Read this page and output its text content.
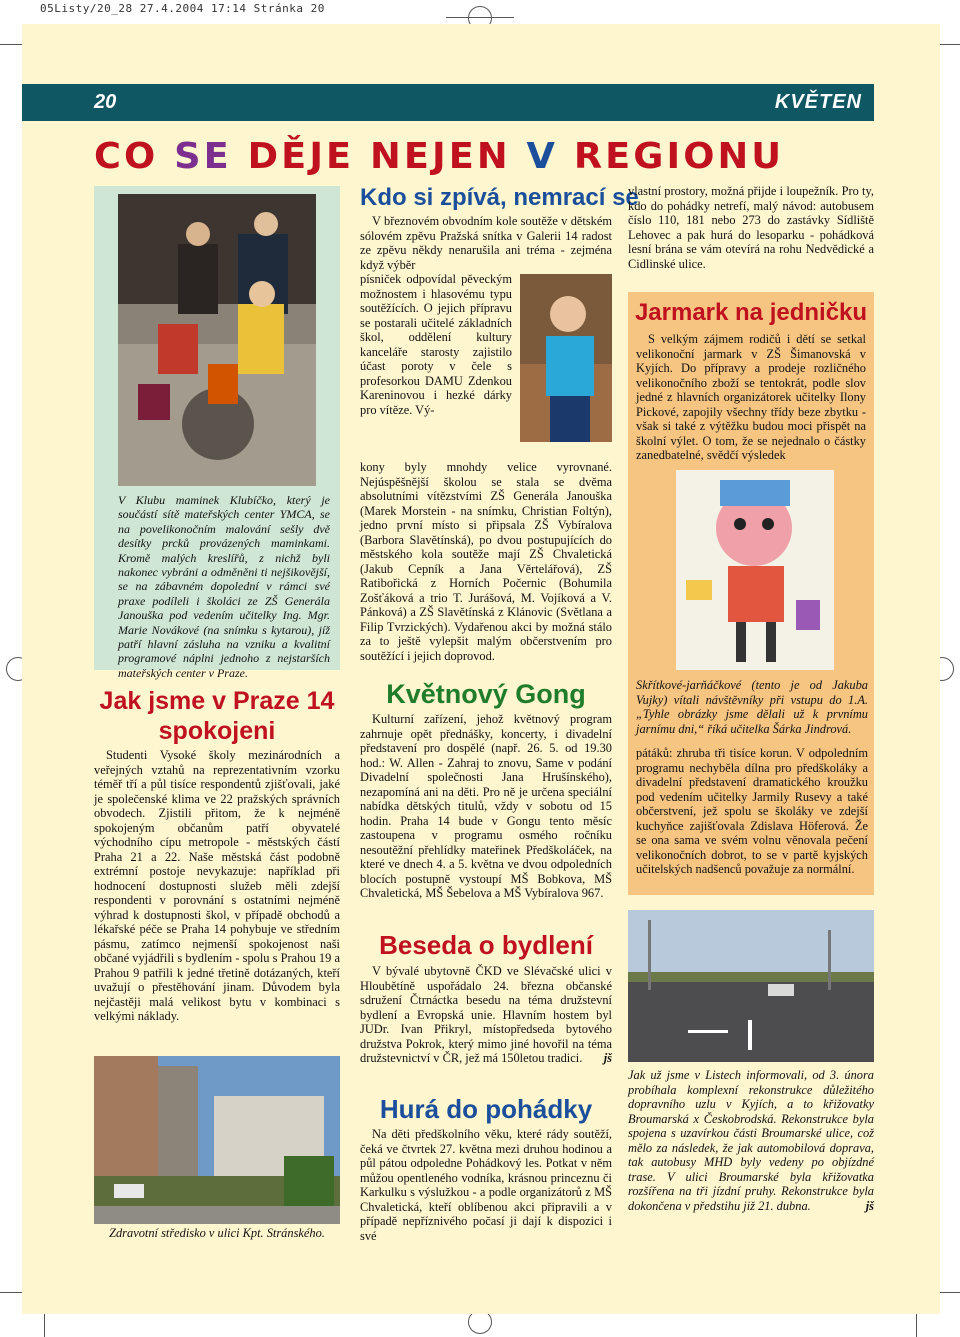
05Listy/20_28 27.4.2004 17:14 Stránka 20
20	KVĚTEN
CO SE DĚJE NEJEN V REGIONU
V Klubu maminek Klubíčko, který je součástí sítě mateřských center YMCA, se na povelikonočním malování sešly dvě desítky prcků provázených maminkami. Kromě malých kreslířů, z nichž byli nakonec vybráni a odměněni ti nejšikovější, se na zábavném dopolední v rámci své praxe podíleli i školáci ze ZŠ Generála Janouška pod vedením učitelky Ing. Mgr. Marie Novákové (na snímku s kytarou), jíž patří hlavní zásluha na vzniku a kvalitní programové náplni jednoho z nejstarších mateřských center v Praze.
Jak jsme v Praze 14 spokojeni

Studenti Vysoké školy mezinárodních a veřejných vztahů na reprezentativním vzorku téměř tří a půl tisíce respondentů zjišťovali, jaké je společenské klima ve 22 pražských správních obvodech. Zjistili přitom, že k nejméně spokojeným občanům patří obyvatelé východního cípu metropole - městských částí Praha 21 a 22. Naše městská část podobně extrémní postoje nevykazuje: například při hodnocení dostupnosti služeb měli zdejší respondenti v porovnání s ostatními nejméně výhrad k dostupnosti škol, v případě obchodů a lékařské péče se Praha 14 pohybuje ve středním pásmu, zatímco nejmenší spokojenost naši občané vyjádřili s bydlením - spolu s Prahou 19 a Prahou 9 patřili k jedné třetině dotázaných, kteří uvažují o přestěhování jinam. Důvodem byla nejčastěji malá velikost bytu v kombinaci s velkými náklady.

Zdravotní středisko v ulici Kpt. Stránského.
Kdo si zpívá, nemrací se

V březnovém obvodním kole soutěže v dětském sólovém zpěvu Pražská snítka v Galerii 14 radost ze zpěvu někdy nenarušila ani tréma - zejména když výběr

písniček odpovídal pěveckým možnostem i hlasovému typu soutěžících. O jejich přípravu se postarali učitelé základních škol, oddělení kultury kanceláře starosty zajistilo účast poroty v čele s profesorkou DAMU Zdenkou Kareninovou i hezké dárky pro vítěze. Vý-
kony byly mnohdy velice vyrovnané. Nejúspěšnější školou se stala se dvěma absolutními vítězstvími ZŠ Generála Janouška (Marek Morstein - na snímku, Christian Foltýn), jedno první místo si připsala ZŠ Vybíralova (Barbora Slavětínská), po dvou postupujících do městského kola soutěže mají ZŠ Chvaletická (Jakub Cepník a Jana Věrtelářová), ZŠ Ratibořická z Horních Počernic (Bohumila Zošťáková a trio T. Jurášová, M. Vojíková a V. Pánková) a ZŠ Slavětínská z Klánovic (Světlana a Filip Tvrzických). Vydařenou akci by možná stálo za to ještě vylepšit malým občerstvením pro soutěžící i jejich doprovod.
Květnový Gong

Kulturní zařízení, jehož květnový program zahrnuje opět přednášky, koncerty, i divadelní představení pro dospělé (např. 26. 5. od 19.30 hod.: W. Allen - Zahraj to znovu, Same v podání Divadelní společnosti Jana Hrušínského), nezapomíná ani na děti. Pro ně je určena speciální nabídka dětských titulů, vždy v sobotu od 15 hodin. Praha 14 bude v Gongu tento měsíc zastoupena v programu osmého ročníku nesoutěžní přehlídky mateřinek Předškoláček, na které ve dnech 4. a 5. května ve dvou odpoledních blocích postupně vystoupí MŠ Bobkova, MŠ Chvaletická, MŠ Šebelova a MŠ Vybíralova 967.

Beseda o bydlení

V bývalé ubytovně ČKD ve Slévačské ulici v Hloubětíně uspořádalo 24. března občanské sdružení Čtrnáctka besedu na téma družstevní bydlení a Evropská unie. Hlavním hostem byl JUDr. Ivan Přikryl, místopředseda bytového družstva Pokrok, který mimo jiné hovořil na téma družstevnictví v ČR, jež má 150letou tradici.	jš

Hurá do pohádky

Na děti předškolního věku, které rády soutěží, čeká ve čtvrtek 27. května mezi druhou hodinou a půl pátou odpoledne Pohádkový les. Potkat v něm můžou opentleného vodníka, krásnou princeznu či Karkulku s výslužkou - a podle organizátorů z MŠ Chvaletická, kteří oblíbenou akci připravili a v případě nepříznivého počasí ji dají k dispozici i své

vlastní prostory, možná přijde i loupežník. Pro ty, kdo do pohádky netrefí, malý návod: autobusem číslo 110, 181 nebo 273 do zastávky Sídliště Lehovec a pak hurá do lesoparku - pohádková lesní brána se vám otevírá na rohu Nedvědické a Cidlinské ulice.
Jarmark na jedničku

S velkým zájmem rodičů i dětí se setkal velikonoční jarmark v ZŠ Šimanovská v Kyjích. Do přípravy a prodeje rozličného velikonočního zboží se tentokrát, podle slov jedné z hlavních organizátorek učitelky Ilony Pickové, zapojily všechny třídy beze zbytku - však si také z výtěžku budou moci přispět na školní výlet. O tom, že se nejednalo o částky zanedbatelné, svědčí výsledek

Skřítkové-jarňáčkové (tento je od Jakuba Vujky) vítali návštěvníky při vstupu do 1.A. „Tyhle obrázky jsme dělali už k prvnímu jarnímu dni,“ říká učitelka Šárka Jindrová.
pátáků: zhruba tři tisíce korun. V odpoledním programu nechyběla dílna pro předškoláky a divadelní představení dramatického kroužku pod vedením učitelky Jarmily Rusevy a také občerstvení, jež spolu se školáky ve zdejší kuchyňce zajišťovala Zdislava Höferová. Že se ona sama ve svém volnu věnovala pečení velikonočních dobrot, to se v partě kyjských učitelských nadšenců považuje za normální.
Jak už jsme v Listech informovali, od 3. února probíhala komplexní rekonstrukce důležitého dopravního uzlu v Kyjích, a to křižovatky Broumarská x Českobrodská. Rekonstrukce byla spojena s uzavírkou části Broumarské ulice, což mělo za následek, že jak automobilová doprava, tak autobusy MHD byly vedeny po objízdné trase. V ulici Broumarské byla křižovatka rozšířena na tři jízdní pruhy. Rekonstrukce byla dokončena v předstihu již 21. dubna.	jš
